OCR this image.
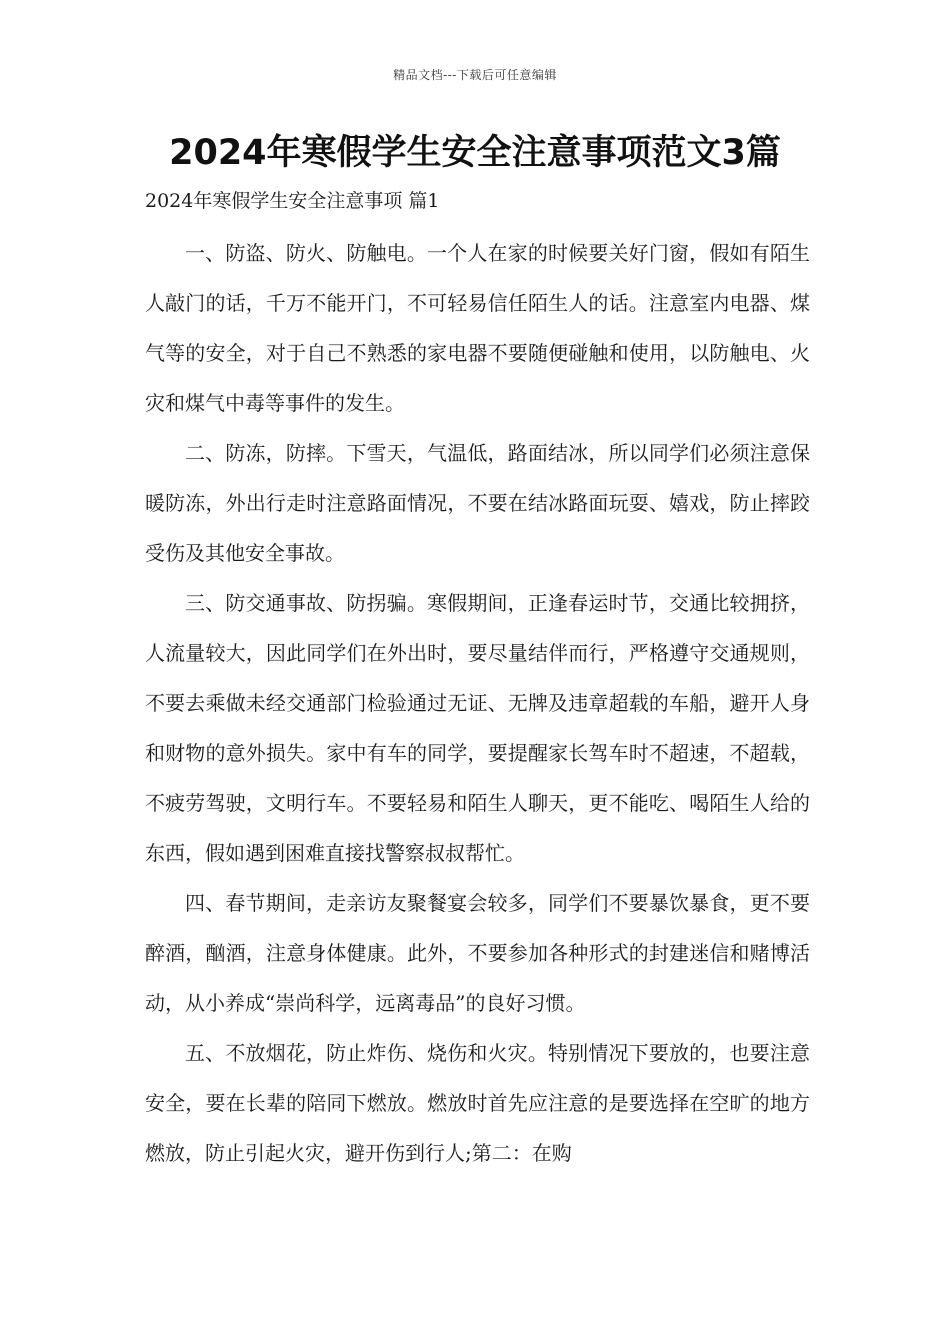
精品文档---下载后可任意编辑
2024年寒假学生安全注意事项范文3篇
2024年寒假学生安全注意事项 篇1

一、防盗、防火、防触电。一个人在家的时候要关好门窗，假如有陌生人敲门的话，千万不能开门，不可轻易信任陌生人的话。注意室内电器、煤气等的安全，对于自己不熟悉的家电器不要随便碰触和使用，以防触电、火灾和煤气中毒等事件的发生。

二、防冻，防摔。下雪天，气温低，路面结冰，所以同学们必须注意保暖防冻，外出行走时注意路面情况，不要在结冰路面玩耍、嬉戏，防止摔跤受伤及其他安全事故。

三、防交通事故、防拐骗。寒假期间，正逢春运时节，交通比较拥挤，人流量较大，因此同学们在外出时，要尽量结伴而行，严格遵守交通规则，不要去乘做未经交通部门检验通过无证、无牌及违章超载的车船，避开人身和财物的意外损失。家中有车的同学，要提醒家长驾车时不超速，不超载，不疲劳驾驶，文明行车。不要轻易和陌生人聊天，更不能吃、喝陌生人给的东西，假如遇到困难直接找警察叔叔帮忙。

四、春节期间，走亲访友聚餐宴会较多，同学们不要暴饮暴食，更不要醉酒，酗酒，注意身体健康。此外，不要参加各种形式的封建迷信和赌博活动，从小养成“崇尚科学，远离毒品”的良好习惯。

五、不放烟花，防止炸伤、烧伤和火灾。特别情况下要放的，也要注意安全，要在长辈的陪同下燃放。燃放时首先应注意的是要选择在空旷的地方燃放，防止引起火灾，避开伤到行人;第二：在购
